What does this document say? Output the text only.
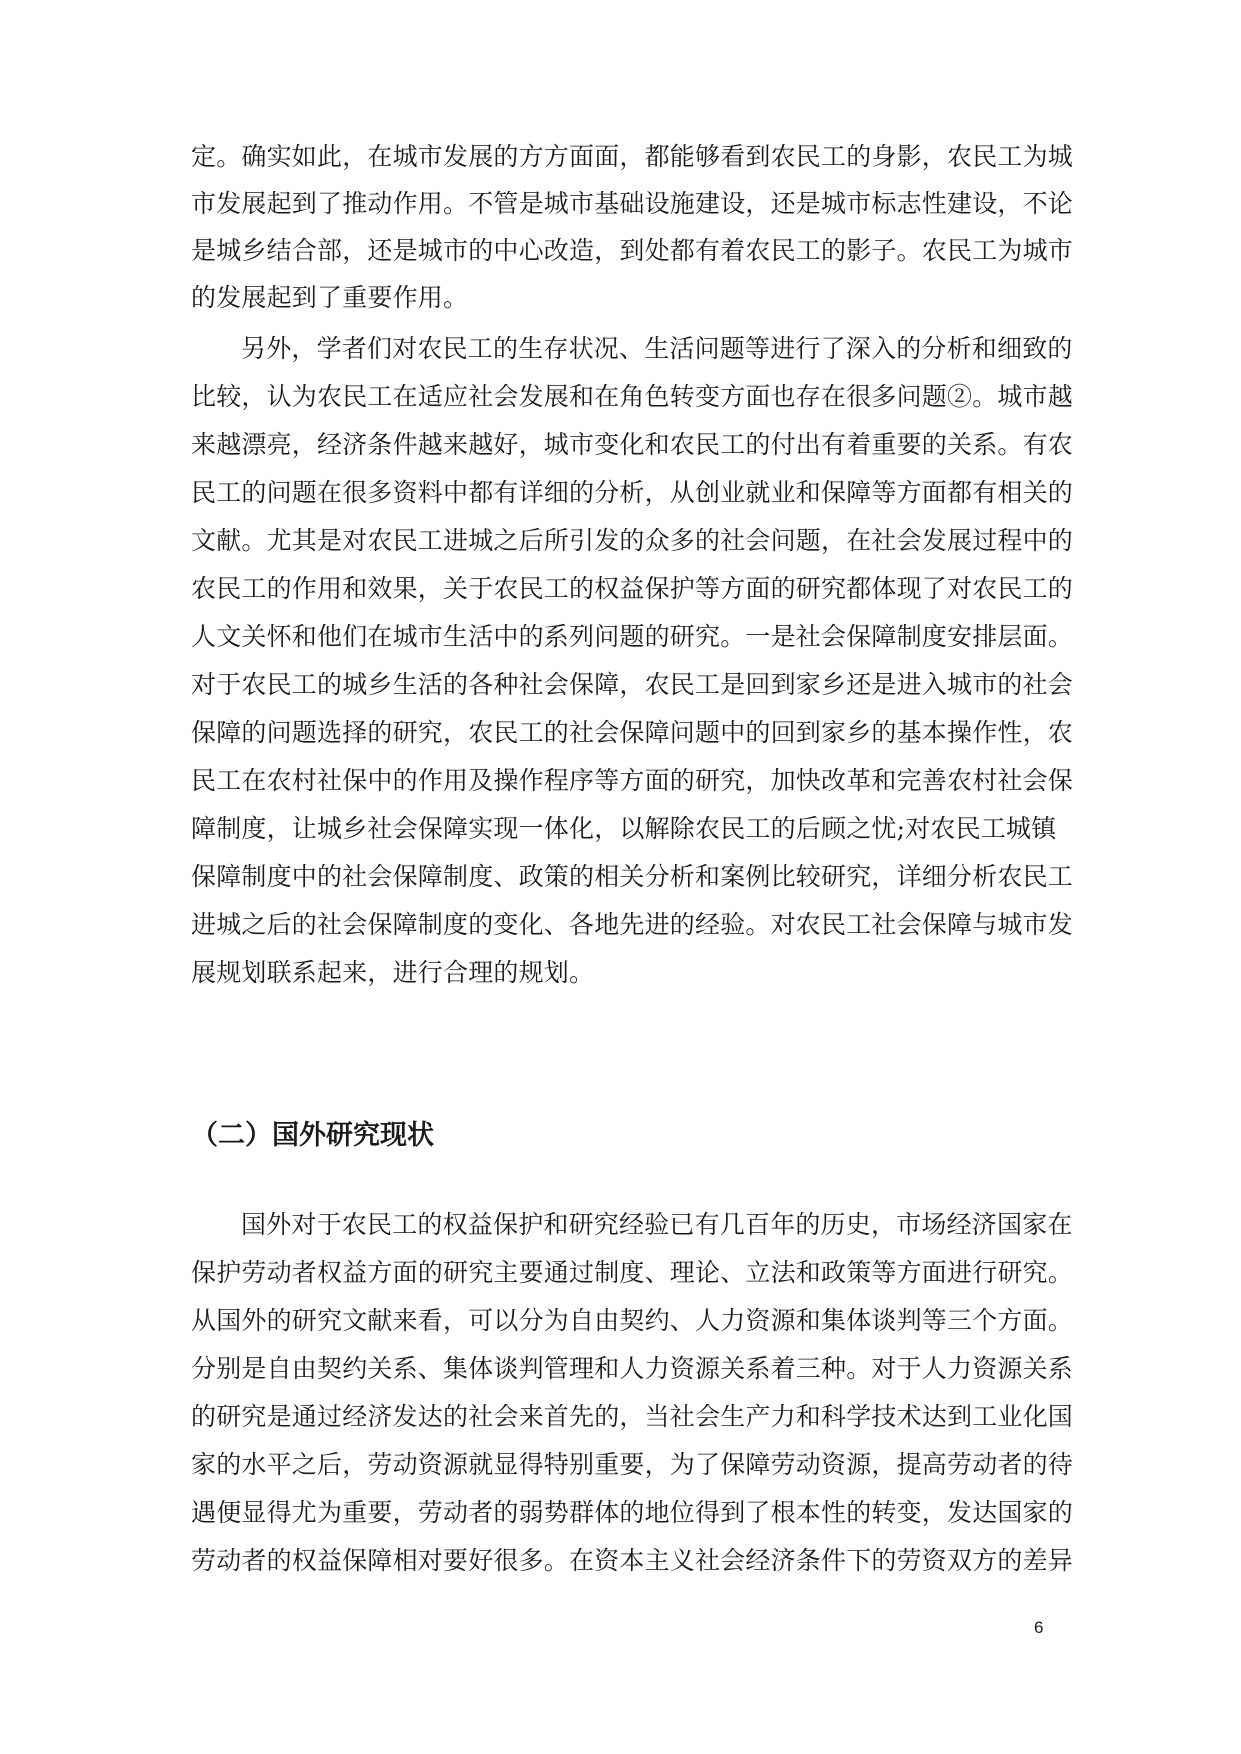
定。确实如此，在城市发展的方方面面，都能够看到农民工的身影，农民工为城
市发展起到了推动作用。不管是城市基础设施建设，还是城市标志性建设，不论
是城乡结合部，还是城市的中心改造，到处都有着农民工的影子。农民工为城市
的发展起到了重要作用。
另外，学者们对农民工的生存状况、生活问题等进行了深入的分析和细致的
比较，认为农民工在适应社会发展和在角色转变方面也存在很多问题②。城市越
来越漂亮，经济条件越来越好，城市变化和农民工的付出有着重要的关系。有农
民工的问题在很多资料中都有详细的分析，从创业就业和保障等方面都有相关的
文献。尤其是对农民工进城之后所引发的众多的社会问题，在社会发展过程中的
农民工的作用和效果，关于农民工的权益保护等方面的研究都体现了对农民工的
人文关怀和他们在城市生活中的系列问题的研究。一是社会保障制度安排层面。
对于农民工的城乡生活的各种社会保障，农民工是回到家乡还是进入城市的社会
保障的问题选择的研究，农民工的社会保障问题中的回到家乡的基本操作性，农
民工在农村社保中的作用及操作程序等方面的研究，加快改革和完善农村社会保
障制度，让城乡社会保障实现一体化，以解除农民工的后顾之忧;对农民工城镇
保障制度中的社会保障制度、政策的相关分析和案例比较研究，详细分析农民工
进城之后的社会保障制度的变化、各地先进的经验。对农民工社会保障与城市发
展规划联系起来，进行合理的规划。
（二）国外研究现状
国外对于农民工的权益保护和研究经验已有几百年的历史，市场经济国家在
保护劳动者权益方面的研究主要通过制度、理论、立法和政策等方面进行研究。
从国外的研究文献来看，可以分为自由契约、人力资源和集体谈判等三个方面。
分别是自由契约关系、集体谈判管理和人力资源关系着三种。对于人力资源关系
的研究是通过经济发达的社会来首先的，当社会生产力和科学技术达到工业化国
家的水平之后，劳动资源就显得特别重要，为了保障劳动资源，提高劳动者的待
遇便显得尤为重要，劳动者的弱势群体的地位得到了根本性的转变，发达国家的
劳动者的权益保障相对要好很多。在资本主义社会经济条件下的劳资双方的差异
6
